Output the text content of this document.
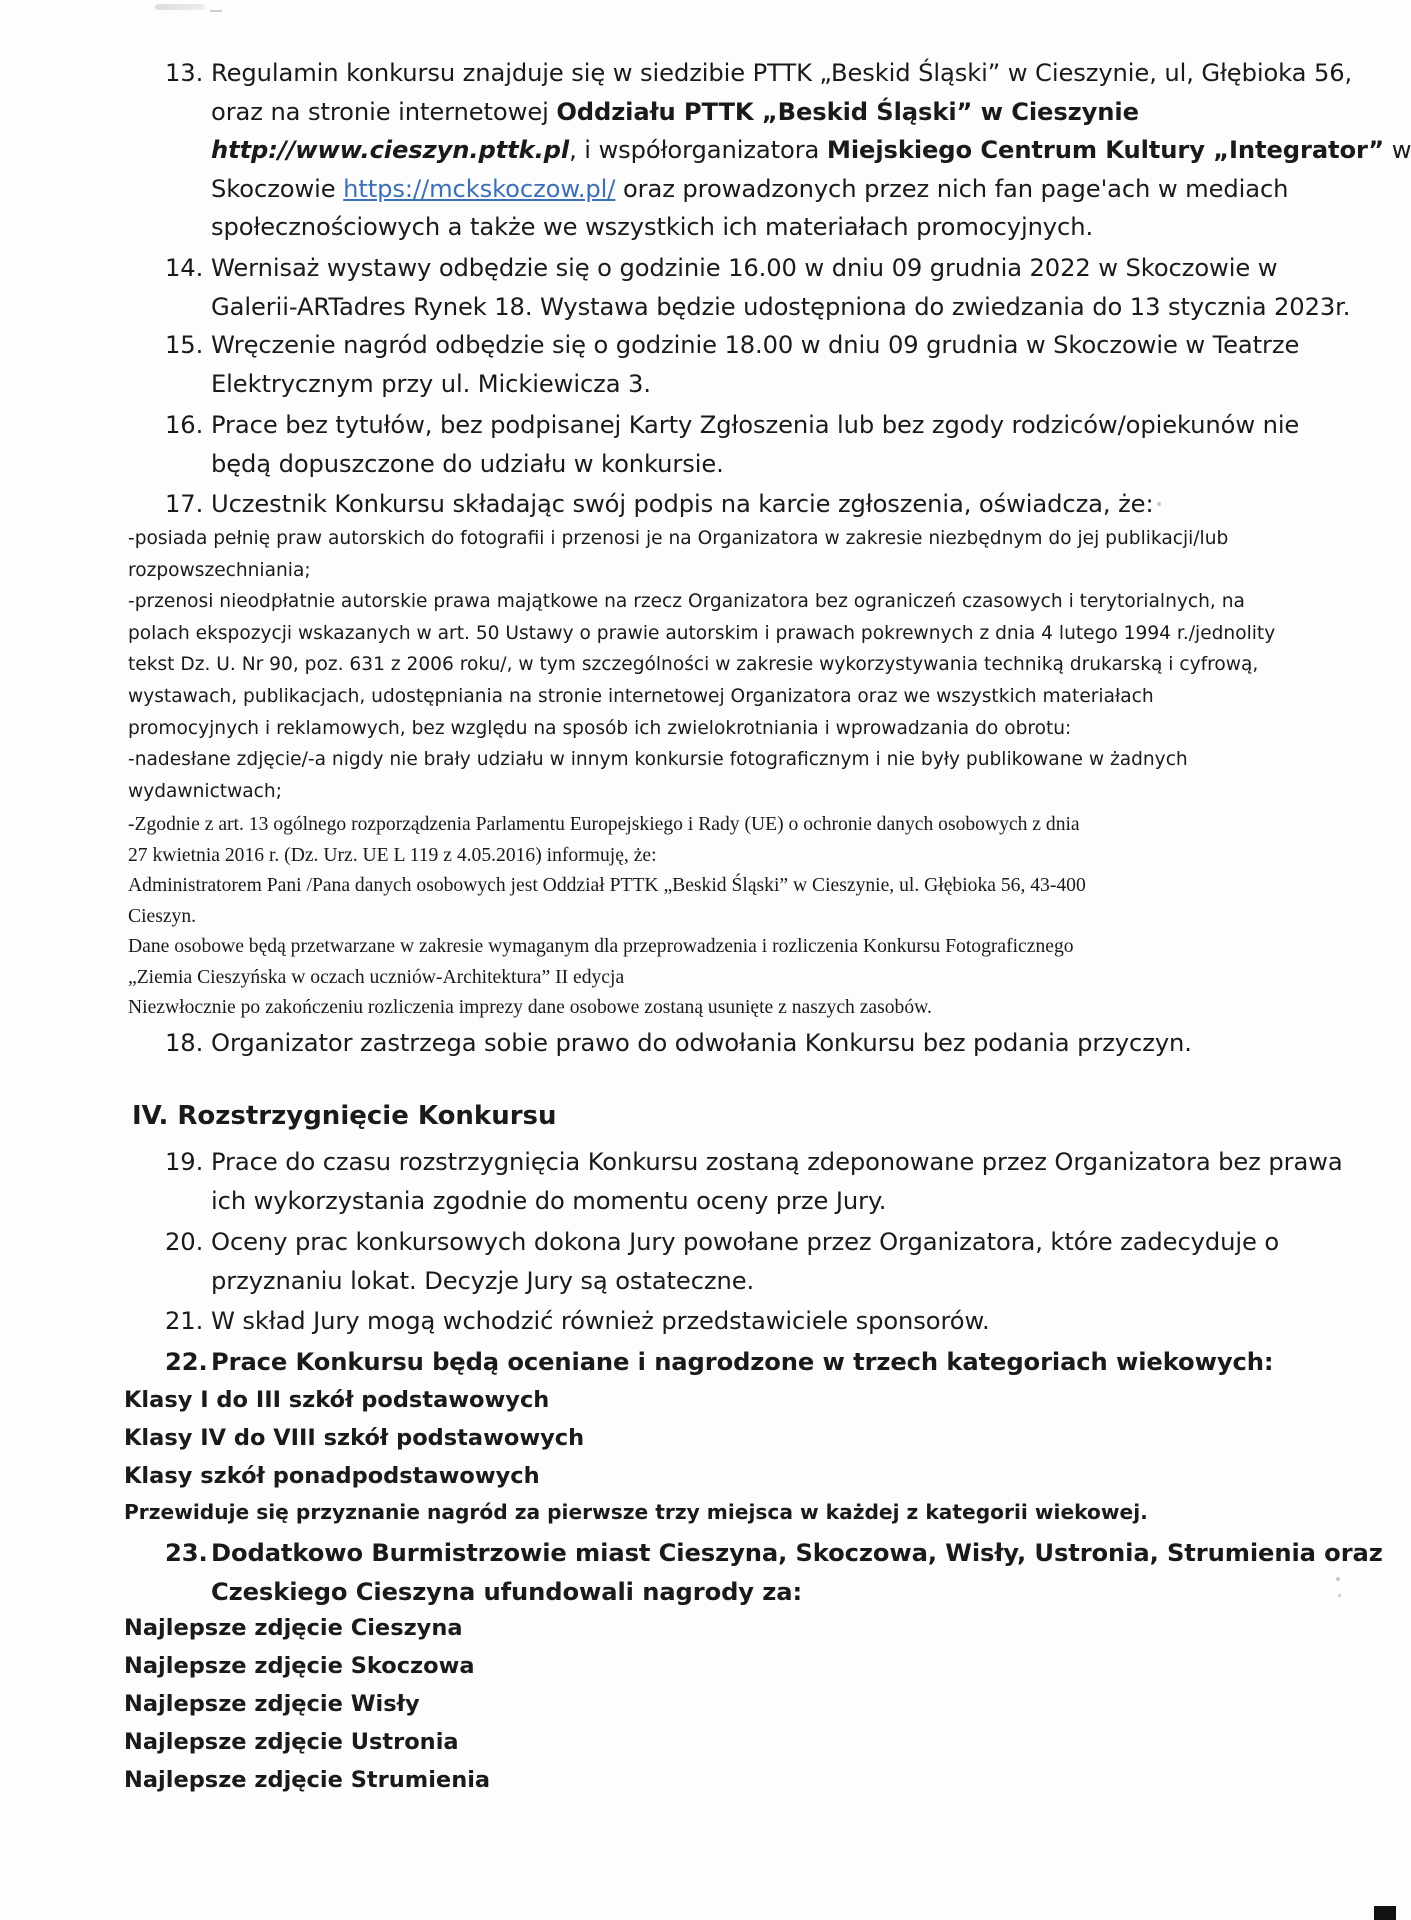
13. Regulamin konkursu znajduje się w siedzibie PTTK „Beskid Śląski” w Cieszynie, ul, Głębioka 56,
oraz na stronie internetowej Oddziału PTTK „Beskid Śląski” w Cieszynie
http://www.cieszyn.pttk.pl, i współorganizatora Miejskiego Centrum Kultury „Integrator” w
Skoczowie https://mckskoczow.pl/ oraz prowadzonych przez nich fan page'ach w mediach
społecznościowych a także we wszystkich ich materiałach promocyjnych.
14. Wernisaż wystawy odbędzie się o godzinie 16.00 w dniu 09 grudnia 2022 w Skoczowie w
Galerii-ARTadres Rynek 18. Wystawa będzie udostępniona do zwiedzania do 13 stycznia 2023r.
15. Wręczenie nagród odbędzie się o godzinie 18.00 w dniu 09 grudnia w Skoczowie w Teatrze
Elektrycznym przy ul. Mickiewicza 3.
16. Prace bez tytułów, bez podpisanej Karty Zgłoszenia lub bez zgody rodziców/opiekunów nie
będą dopuszczone do udziału w konkursie.
17. Uczestnik Konkursu składając swój podpis na karcie zgłoszenia, oświadcza, że:
-posiada pełnię praw autorskich do fotografii i przenosi je na Organizatora w zakresie niezbędnym do jej publikacji/lub
rozpowszechniania;
-przenosi nieodpłatnie autorskie prawa majątkowe na rzecz Organizatora bez ograniczeń czasowych i terytorialnych, na
polach ekspozycji wskazanych w art. 50 Ustawy o prawie autorskim i prawach pokrewnych z dnia 4 lutego 1994 r./jednolity
tekst Dz. U. Nr 90, poz. 631 z 2006 roku/, w tym szczególności w zakresie wykorzystywania techniką drukarską i cyfrową,
wystawach, publikacjach, udostępniania na stronie internetowej Organizatora oraz we wszystkich materiałach
promocyjnych i reklamowych, bez względu na sposób ich zwielokrotniania i wprowadzania do obrotu:
-nadesłane zdjęcie/-a nigdy nie brały udziału w innym konkursie fotograficznym i nie były publikowane w żadnych
wydawnictwach;
-Zgodnie z art. 13 ogólnego rozporządzenia Parlamentu Europejskiego i Rady (UE) o ochronie danych osobowych z dnia
27 kwietnia 2016 r. (Dz. Urz. UE L 119 z 4.05.2016) informuję, że:
Administratorem Pani /Pana danych osobowych jest Oddział PTTK „Beskid Śląski” w Cieszynie, ul. Głębioka 56, 43-400
Cieszyn.
Dane osobowe będą przetwarzane w zakresie wymaganym dla przeprowadzenia i rozliczenia Konkursu Fotograficznego
„Ziemia Cieszyńska w oczach uczniów-Architektura” II edycja
Niezwłocznie po zakończeniu rozliczenia imprezy dane osobowe zostaną usunięte z naszych zasobów.
18. Organizator zastrzega sobie prawo do odwołania Konkursu bez podania przyczyn.
IV. Rozstrzygnięcie Konkursu
19. Prace do czasu rozstrzygnięcia Konkursu zostaną zdeponowane przez Organizatora bez prawa
ich wykorzystania zgodnie do momentu oceny prze Jury.
20. Oceny prac konkursowych dokona Jury powołane przez Organizatora, które zadecyduje o
przyznaniu lokat. Decyzje Jury są ostateczne.
21. W skład Jury mogą wchodzić również przedstawiciele sponsorów.
22. Prace Konkursu będą oceniane i nagrodzone w trzech kategoriach wiekowych:
Klasy I do III szkół podstawowych
Klasy IV do VIII szkół podstawowych
Klasy szkół ponadpodstawowych
Przewiduje się przyznanie nagród za pierwsze trzy miejsca w każdej z kategorii wiekowej.
23. Dodatkowo Burmistrzowie miast Cieszyna, Skoczowa, Wisły, Ustronia, Strumienia oraz
Czeskiego Cieszyna ufundowali nagrody za:
Najlepsze zdjęcie Cieszyna
Najlepsze zdjęcie Skoczowa
Najlepsze zdjęcie Wisły
Najlepsze zdjęcie Ustronia
Najlepsze zdjęcie Strumienia
